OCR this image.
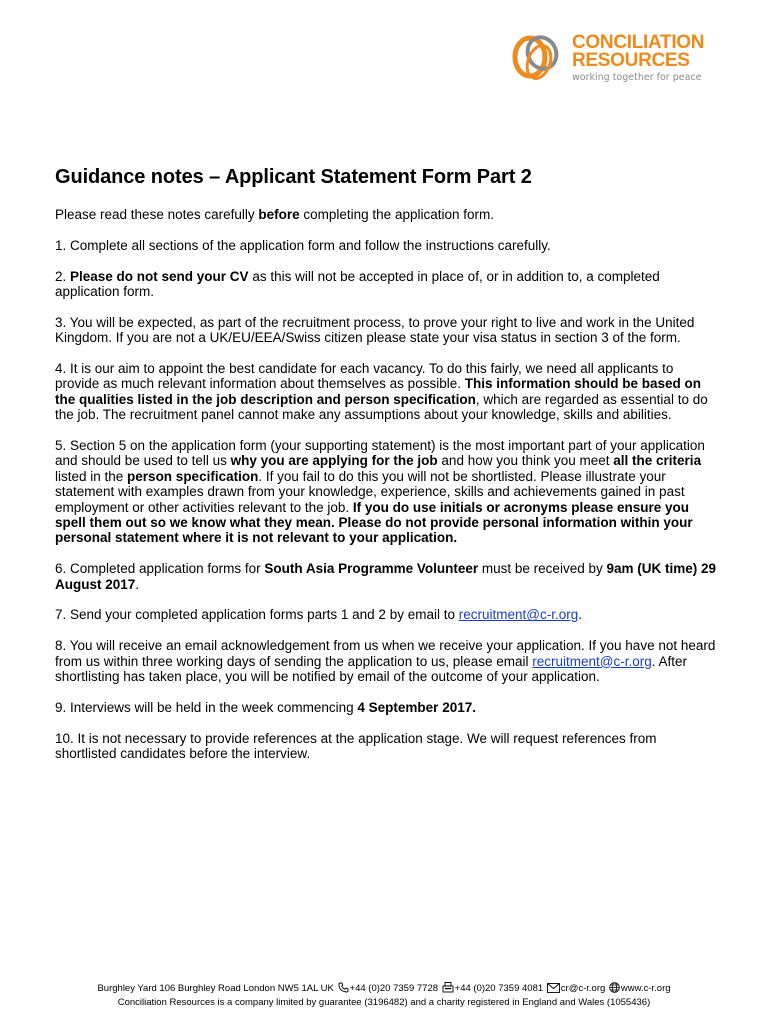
CONCILIATION
RESOURCES
working together for peace
Guidance notes – Applicant Statement Form Part 2

Please read these notes carefully before completing the application form.

1. Complete all sections of the application form and follow the instructions carefully.

2. Please do not send your CV as this will not be accepted in place of, or in addition to, a completed application form.

3. You will be expected, as part of the recruitment process, to prove your right to live and work in the United Kingdom. If you are not a UK/EU/EEA/Swiss citizen please state your visa status in section 3 of the form.

4. It is our aim to appoint the best candidate for each vacancy. To do this fairly, we need all applicants to provide as much relevant information about themselves as possible. This information should be based on the qualities listed in the job description and person specification, which are regarded as essential to do the job. The recruitment panel cannot make any assumptions about your knowledge, skills and abilities.

5. Section 5 on the application form (your supporting statement) is the most important part of your application and should be used to tell us why you are applying for the job and how you think you meet all the criteria listed in the person specification. If you fail to do this you will not be shortlisted. Please illustrate your statement with examples drawn from your knowledge, experience, skills and achievements gained in past employment or other activities relevant to the job. If you do use initials or acronyms please ensure you spell them out so we know what they mean. Please do not provide personal information within your personal statement where it is not relevant to your application.

6. Completed application forms for South Asia Programme Volunteer must be received by 9am (UK time) 29 August 2017.

7. Send your completed application forms parts 1 and 2 by email to recruitment@c-r.org.

8. You will receive an email acknowledgement from us when we receive your application. If you have not heard from us within three working days of sending the application to us, please email recruitment@c-r.org. After shortlisting has taken place, you will be notified by email of the outcome of your application.

9. Interviews will be held in the week commencing 4 September 2017.

10. It is not necessary to provide references at the application stage. We will request references from shortlisted candidates before the interview.

Burghley Yard 106 Burghley Road London NW5 1AL UK +44 (0)20 7359 7728 +44 (0)20 7359 4081 cr@c-r.org www.c-r.org
Conciliation Resources is a company limited by guarantee (3196482) and a charity registered in England and Wales (1055436)
